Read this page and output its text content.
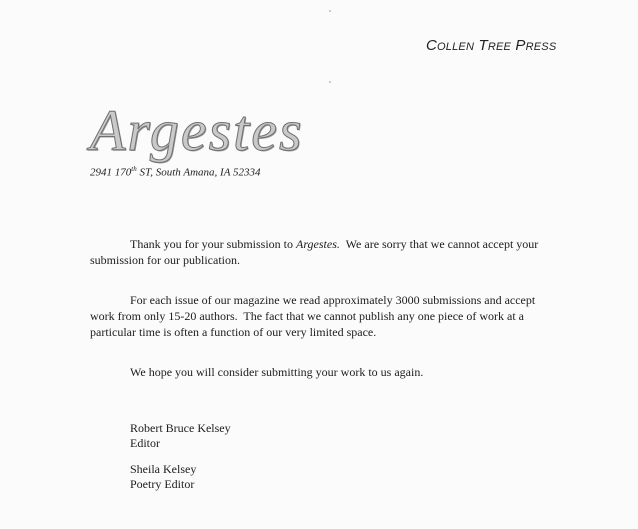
Collen Tree Press
Argestes
2941 170th ST, South Amana, IA 52334
Thank you for your submission to Argestes.  We are sorry that we cannot accept your submission for our publication.
For each issue of our magazine we read approximately 3000 submissions and accept work from only 15-20 authors.  The fact that we cannot publish any one piece of work at a particular time is often a function of our very limited space.
We hope you will consider submitting your work to us again.
Robert Bruce Kelsey
Editor
Sheila Kelsey
Poetry Editor
